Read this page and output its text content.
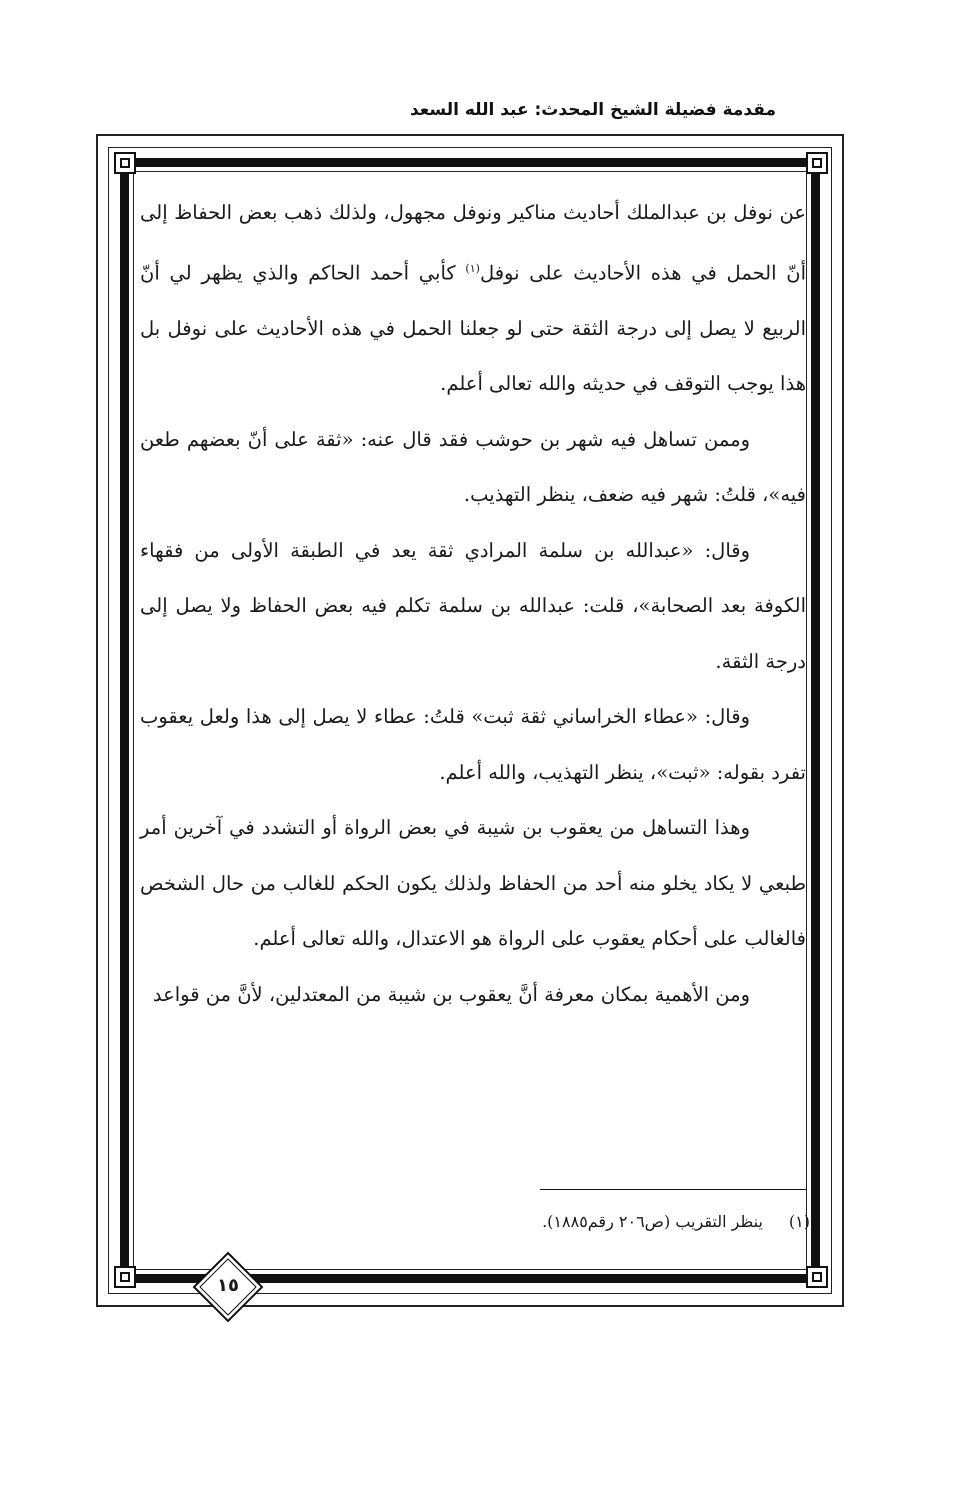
مقدمة فضيلة الشيخ المحدث: عبد الله السعد

عن نوفل بن عبدالملك أحاديث مناكير ونوفل مجهول، ولذلك ذهب بعض الحفاظ إلى أنّ الحمل في هذه الأحاديث على نوفل$^{(١)}$ كأبي أحمد الحاكم والذي يظهر لي أنّ الربيع لا يصل إلى درجة الثقة حتى لو جعلنا الحمل في هذه الأحاديث على نوفل بل هذا يوجب التوقف في حديثه والله تعالى أعلم.

وممن تساهل فيه شهر بن حوشب فقد قال عنه: «ثقة على أنّ بعضهم طعن فيه»، قلتُ: شهر فيه ضعف، ينظر التهذيب.

وقال: «عبدالله بن سلمة المرادي ثقة يعد في الطبقة الأولى من فقهاء الكوفة بعد الصحابة»، قلت: عبدالله بن سلمة تكلم فيه بعض الحفاظ ولا يصل إلى درجة الثقة.

وقال: «عطاء الخراساني ثقة ثبت» قلتُ: عطاء لا يصل إلى هذا ولعل يعقوب تفرد بقوله: «ثبت»، ينظر التهذيب، والله أعلم.

وهذا التساهل من يعقوب بن شيبة في بعض الرواة أو التشدد في آخرين أمر طبعي لا يكاد يخلو منه أحد من الحفاظ ولذلك يكون الحكم للغالب من حال الشخص فالغالب على أحكام يعقوب على الرواة هو الاعتدال، والله تعالى أعلم.

ومن الأهمية بمكان معرفة أنَّ يعقوب بن شيبة من المعتدلين، لأنَّ من قواعد

(١)ينظر التقريب (ص٢٠٦ رقم١٨٨٥).
١٥
